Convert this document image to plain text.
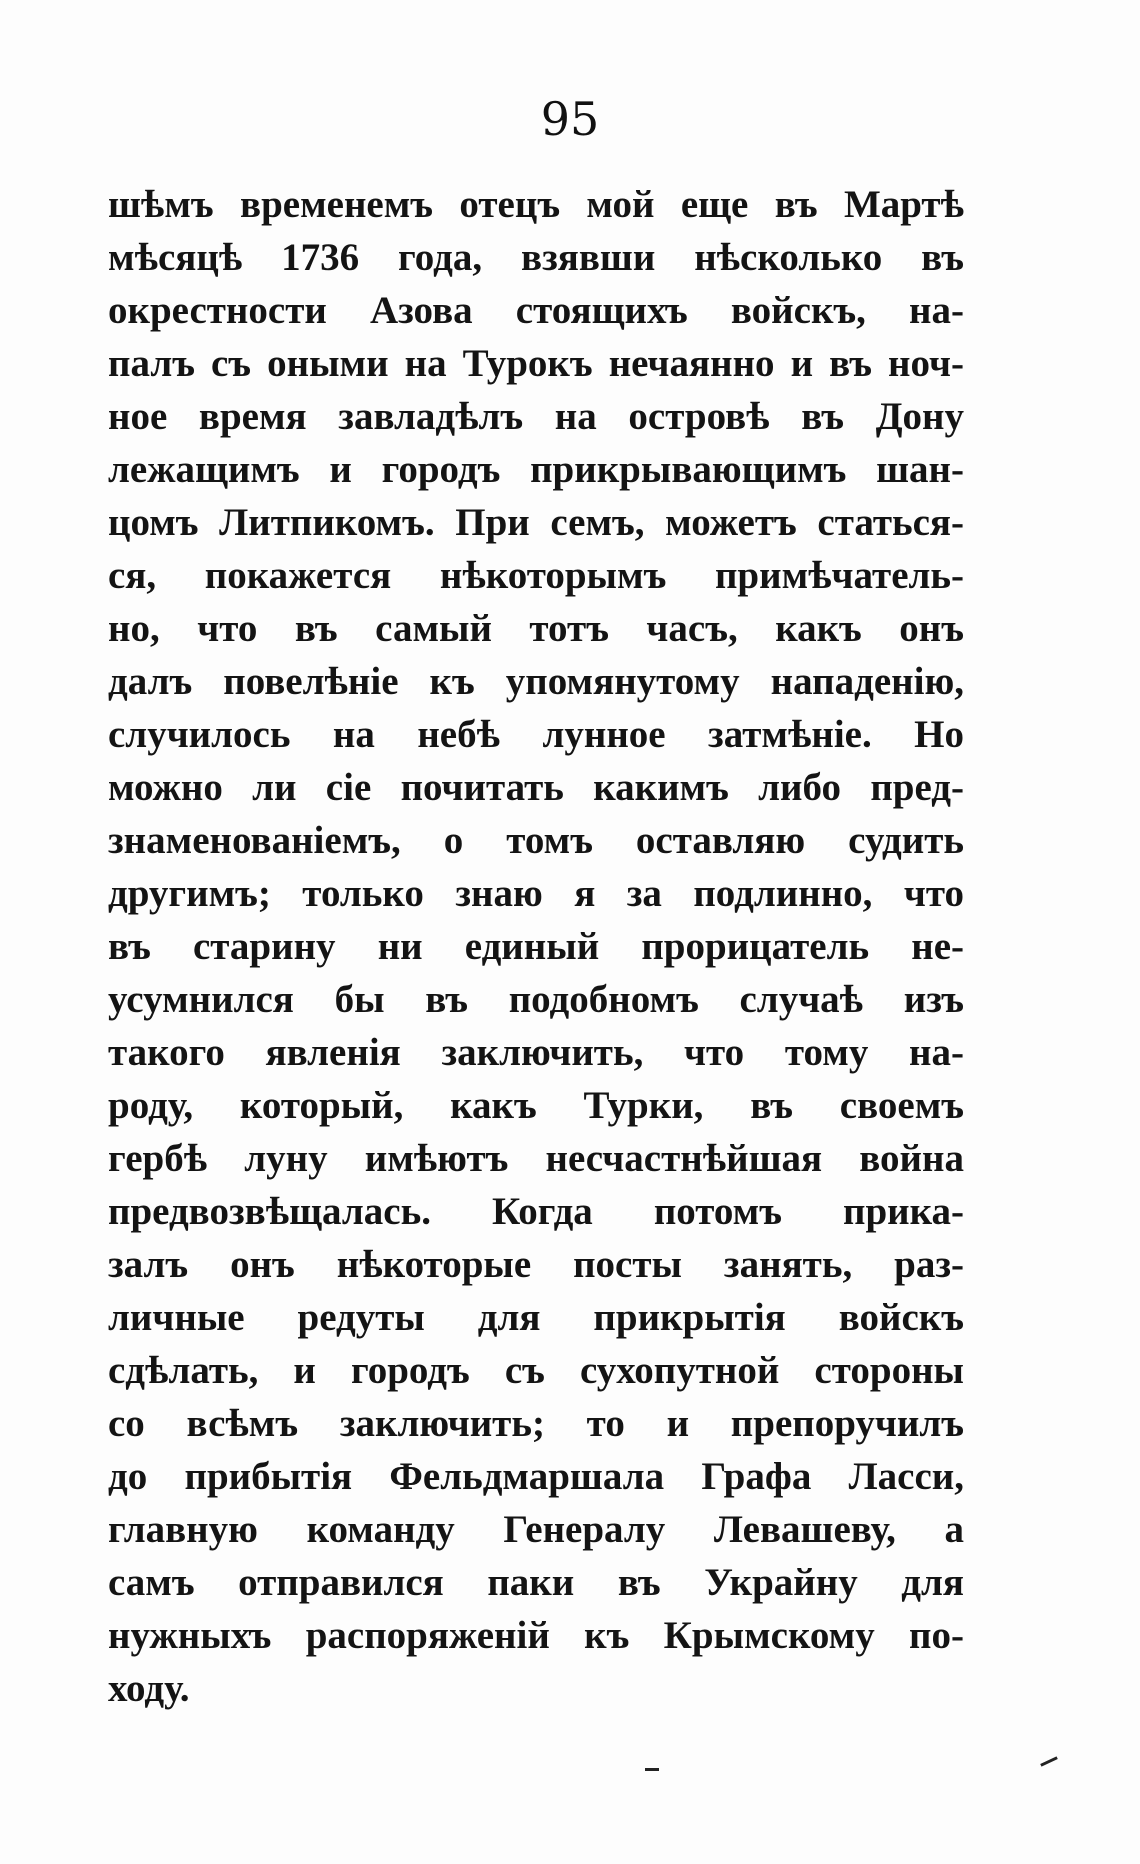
95
шѣмъ временемъ отецъ мой еще въ Мартѣ
мѣсяцѣ 1736 года, взявши нѣсколько въ
окрестности Азова стоящихъ войскъ, на-
палъ съ оными на Турокъ нечаянно и въ ноч-
ное время завладѣлъ на островѣ въ Дону
лежащимъ и городъ прикрывающимъ шан-
цомъ Литпикомъ. При семъ, можетъ статься-
ся, покажется нѣкоторымъ примѣчатель-
но, что въ самый тотъ часъ, какъ онъ
далъ повелѣніе къ упомянутому нападенію,
случилось на небѣ лунное затмѣніе. Но
можно ли сіе почитать какимъ либо пред-
знаменованіемъ, о томъ оставляю судить
другимъ; только знаю я за подлинно, что
въ старину ни единый прорицатель не-
усумнился бы въ подобномъ случаѣ изъ
такого явленія заключить, что тому на-
роду, который, какъ Турки, въ своемъ
гербѣ луну имѣютъ несчастнѣйшая война
предвозвѣщалась. Когда потомъ прика-
залъ онъ нѣкоторые посты занять, раз-
личные редуты для прикрытія войскъ
сдѣлать, и городъ съ сухопутной стороны
со всѣмъ заключить; то и препоручилъ
до прибытія Фельдмаршала Графа Ласси,
главную команду Генералу Левашеву, а
самъ отправился паки въ Украйну для
нужныхъ распоряженій къ Крымскому по-
ходу.
